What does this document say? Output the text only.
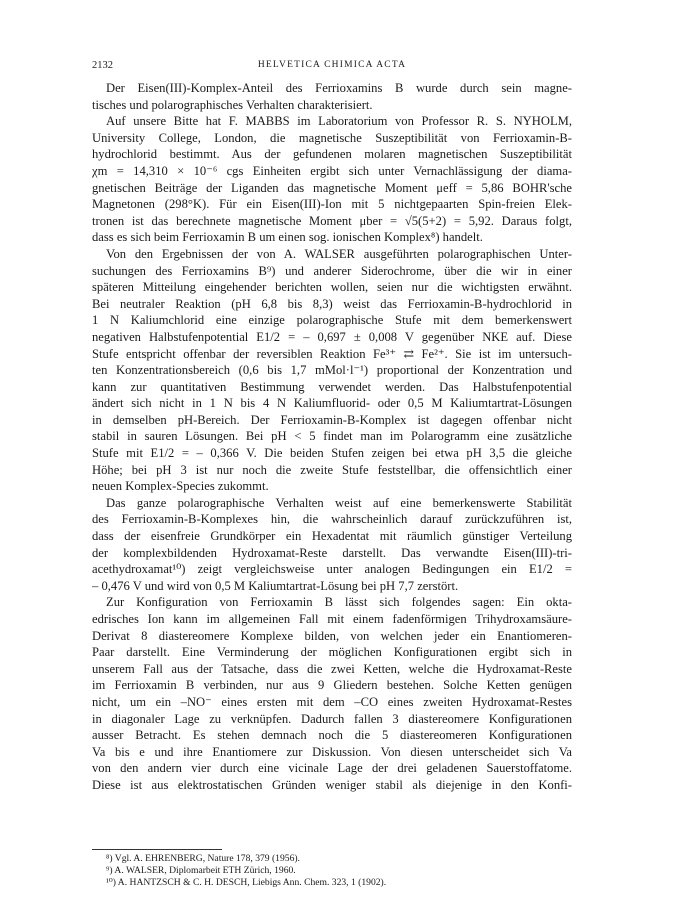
2132	HELVETICA CHIMICA ACTA
Der Eisen(III)-Komplex-Anteil des Ferrioxamins B wurde durch sein magne-
tisches und polarographisches Verhalten charakterisiert.
Auf unsere Bitte hat F. MABBS im Laboratorium von Professor R. S. NYHOLM,
University College, London, die magnetische Suszeptibilität von Ferrioxamin-B-
hydrochlorid bestimmt. Aus der gefundenen molaren magnetischen Suszeptibilität
χm = 14,310 × 10⁻⁶ cgs Einheiten ergibt sich unter Vernachlässigung der diama-
gnetischen Beiträge der Liganden das magnetische Moment μeff = 5,86 BOHR'sche
Magnetonen (298°K). Für ein Eisen(III)-Ion mit 5 nichtgepaarten Spin-freien Elek-
tronen ist das berechnete magnetische Moment μber = √5(5+2) = 5,92. Daraus folgt,
dass es sich beim Ferrioxamin B um einen sog. ionischen Komplex⁸) handelt.
Von den Ergebnissen der von A. WALSER ausgeführten polarographischen Unter-
suchungen des Ferrioxamins B⁹) und anderer Siderochrome, über die wir in einer
späteren Mitteilung eingehender berichten wollen, seien nur die wichtigsten erwähnt.
Bei neutraler Reaktion (pH 6,8 bis 8,3) weist das Ferrioxamin-B-hydrochlorid in
1 N Kaliumchlorid eine einzige polarographische Stufe mit dem bemerkenswert
negativen Halbstufenpotential E1/2 = – 0,697 ± 0,008 V gegenüber NKE auf. Diese
Stufe entspricht offenbar der reversiblen Reaktion Fe³⁺ ⇄ Fe²⁺. Sie ist im untersuch-
ten Konzentrationsbereich (0,6 bis 1,7 mMol·l⁻¹) proportional der Konzentration und
kann zur quantitativen Bestimmung verwendet werden. Das Halbstufenpotential
ändert sich nicht in 1 N bis 4 N Kaliumfluorid- oder 0,5 M Kaliumtartrat-Lösungen
in demselben pH-Bereich. Der Ferrioxamin-B-Komplex ist dagegen offenbar nicht
stabil in sauren Lösungen. Bei pH < 5 findet man im Polarogramm eine zusätzliche
Stufe mit E1/2 = – 0,366 V. Die beiden Stufen zeigen bei etwa pH 3,5 die gleiche
Höhe; bei pH 3 ist nur noch die zweite Stufe feststellbar, die offensichtlich einer
neuen Komplex-Species zukommt.
Das ganze polarographische Verhalten weist auf eine bemerkenswerte Stabilität
des Ferrioxamin-B-Komplexes hin, die wahrscheinlich darauf zurückzuführen ist,
dass der eisenfreie Grundkörper ein Hexadentat mit räumlich günstiger Verteilung
der komplexbildenden Hydroxamat-Reste darstellt. Das verwandte Eisen(III)-tri-
acethydroxamat¹⁰) zeigt vergleichsweise unter analogen Bedingungen ein E1/2 =
– 0,476 V und wird von 0,5 M Kaliumtartrat-Lösung bei pH 7,7 zerstört.
Zur Konfiguration von Ferrioxamin B lässt sich folgendes sagen: Ein okta-
edrisches Ion kann im allgemeinen Fall mit einem fadenförmigen Trihydroxamsäure-
Derivat 8 diastereomere Komplexe bilden, von welchen jeder ein Enantiomeren-
Paar darstellt. Eine Verminderung der möglichen Konfigurationen ergibt sich in
unserem Fall aus der Tatsache, dass die zwei Ketten, welche die Hydroxamat-Reste
im Ferrioxamin B verbinden, nur aus 9 Gliedern bestehen. Solche Ketten genügen
nicht, um ein –NO⁻ eines ersten mit dem –CO eines zweiten Hydroxamat-Restes
in diagonaler Lage zu verknüpfen. Dadurch fallen 3 diastereomere Konfigurationen
ausser Betracht. Es stehen demnach noch die 5 diastereomeren Konfigurationen
Va bis e und ihre Enantiomere zur Diskussion. Von diesen unterscheidet sich Va
von den andern vier durch eine vicinale Lage der drei geladenen Sauerstoffatome.
Diese ist aus elektrostatischen Gründen weniger stabil als diejenige in den Konfi-
⁸) Vgl. A. EHRENBERG, Nature 178, 379 (1956).
⁹) A. WALSER, Diplomarbeit ETH Zürich, 1960.
¹⁰) A. HANTZSCH & C. H. DESCH, Liebigs Ann. Chem. 323, 1 (1902).
